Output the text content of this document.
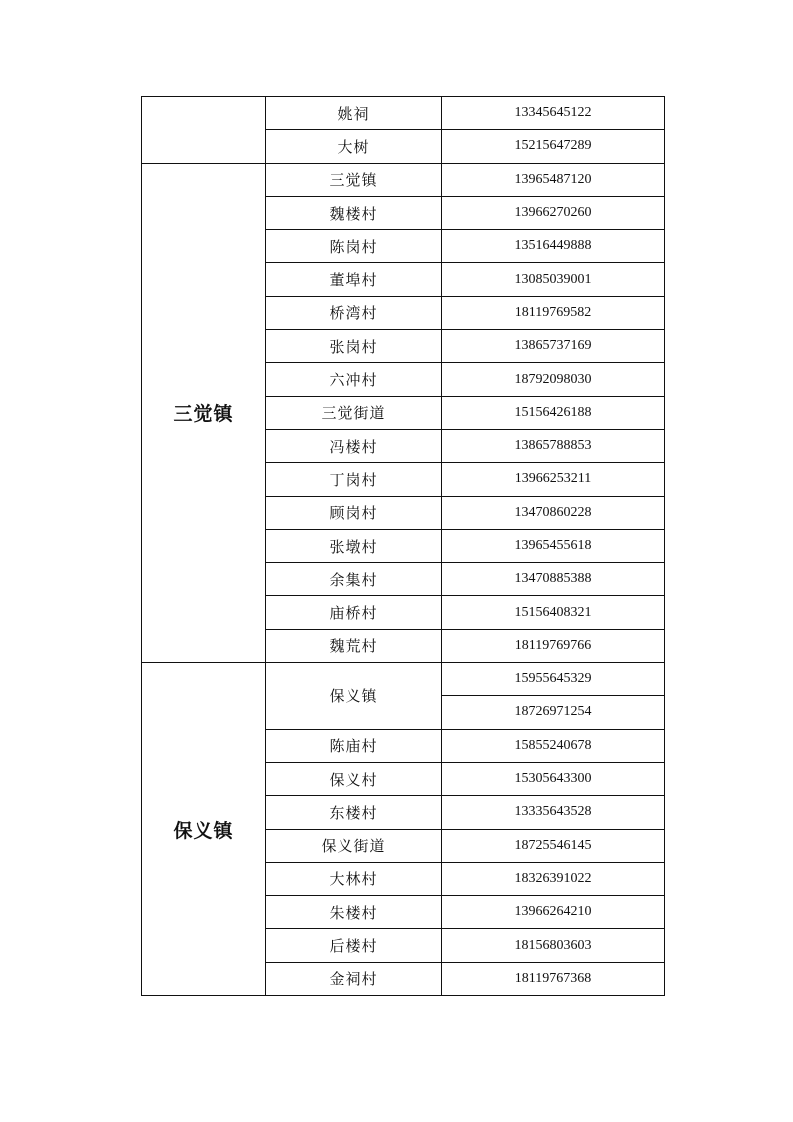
	姚祠	13345645122
	大树	15215647289
三觉镇	三觉镇	13965487120
	魏楼村	13966270260
	陈岗村	13516449888
	董埠村	13085039001
	桥湾村	18119769582
	张岗村	13865737169
	六冲村	18792098030
	三觉街道	15156426188
	冯楼村	13865788853
	丁岗村	13966253211
	顾岗村	13470860228
	张墩村	13965455618
	余集村	13470885388
	庙桥村	15156408321
	魏荒村	18119769766
保义镇	保义镇	15955645329
		18726971254
	陈庙村	15855240678
	保义村	15305643300
	东楼村	13335643528
	保义街道	18725546145
	大林村	18326391022
	朱楼村	13966264210
	后楼村	18156803603
	金祠村	18119767368
